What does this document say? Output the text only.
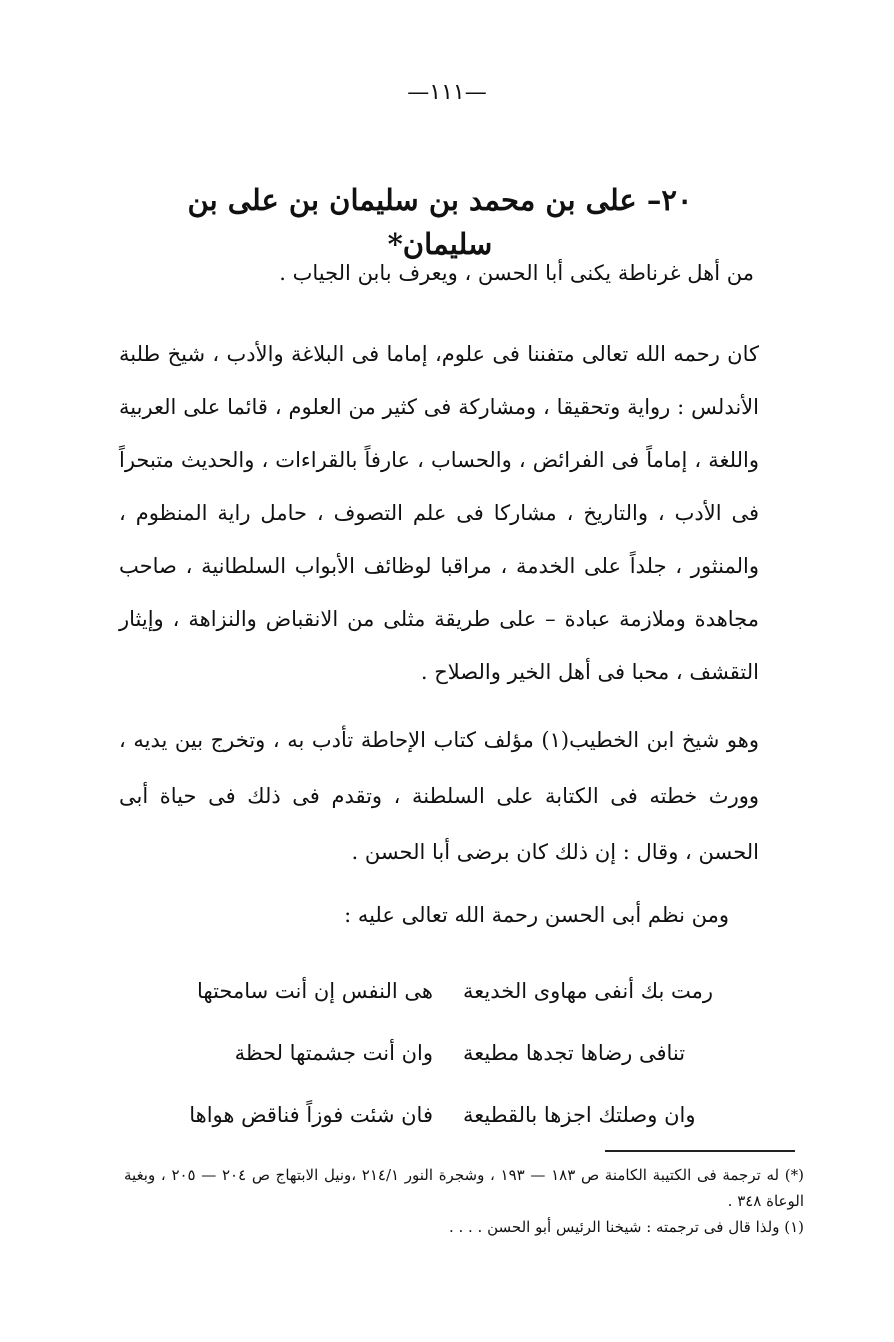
—١١١—
٢٠– على بن محمد بن سليمان بن على بن سليمان*
من أهل غرناطة يكنى أبا الحسن ، ويعرف بابن الجياب .
كان رحمه الله تعالى متفننا فى علوم، إماما فى البلاغة والأدب ، شيخ طلبة الأندلس : رواية وتحقيقا ، ومشاركة فى كثير من العلوم ، قائما على العربية واللغة ، إماماً فى الفرائض ، والحساب ، عارفاً بالقراءات ، والحديث متبحراً فى الأدب ، والتاريخ ، مشاركا فى علم التصوف ، حامل راية المنظوم ، والمنثور ، جلداً على الخدمة ، مراقبا لوظائف الأبواب السلطانية ، صاحب مجاهدة وملازمة عبادة – على طريقة مثلى من الانقباض والنزاهة ، وإيثار التقشف ، محبا فى أهل الخير والصلاح .
وهو شيخ ابن الخطيب(١) مؤلف كتاب الإحاطة تأدب به ، وتخرج بين يديه ، وورث خطته فى الكتابة على السلطنة ، وتقدم فى ذلك فى حياة أبى الحسن ، وقال : إن ذلك كان برضى أبا الحسن .
ومن نظم أبى الحسن رحمة الله تعالى عليه :
هى النفس إن أنت سامحتها رمت بك أنفى مهاوى الخديعة
وان أنت جشمتها لحظة تنافى رضاها تجدها مطيعة
فان شئت فوزاً فناقض هواها وان وصلتك اجزها بالقطيعة
(*) له ترجمة فى الكتيبة الكامنة ص ١٨٣ — ١٩٣ ، وشجرة النور ٢١٤/١ ،ونيل الابتهاج ص ٢٠٤ — ٢٠٥ ، وبغية الوعاة ٣٤٨ .
(١) ولذا قال فى ترجمته : شيخنا الرئيس أبو الحسن . . . .
